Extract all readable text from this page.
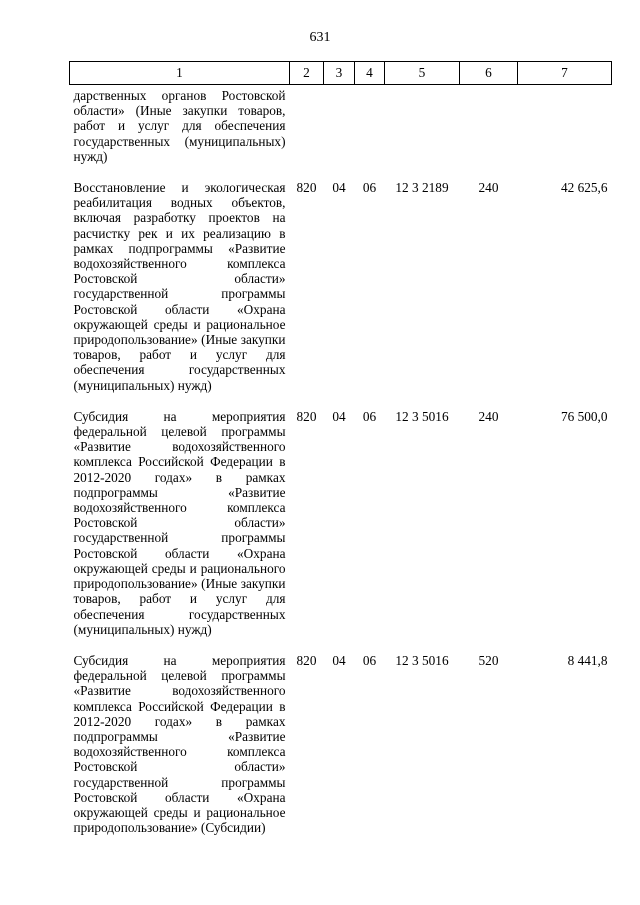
631
1	2	3	4	5	6	7
дарственных органов Ростовской области» (Иные закупки товаров, работ и услуг для обеспечения государственных (муниципальных) нужд)						
Восстановление и экологическая реабилитация водных объектов, включая разработку проектов на расчистку рек и их реализацию в рамках подпрограммы «Развитие водохозяйственного комплекса Ростовской области» государственной программы Ростовской области «Охрана окружающей среды и рациональное природопользование» (Иные закупки товаров, работ и услуг для обеспечения государственных (муниципальных) нужд)	820	04	06	12 3 2189	240	42 625,6
Субсидия на мероприятия федеральной целевой программы «Развитие водохозяйственного комплекса Российской Федерации в 2012-2020 годах» в рамках подпрограммы «Развитие водохозяйственного комплекса Ростовской области» государственной программы Ростовской области «Охрана окружающей среды и рационального природопользование» (Иные закупки товаров, работ и услуг для обеспечения государственных (муниципальных) нужд)	820	04	06	12 3 5016	240	76 500,0
Субсидия на мероприятия федеральной целевой программы «Развитие водохозяйственного комплекса Российской Федерации в 2012-2020 годах» в рамках подпрограммы «Развитие водохозяйственного комплекса Ростовской области» государственной программы Ростовской области «Охрана окружающей среды и рациональное природопользование» (Субсидии)	820	04	06	12 3 5016	520	8 441,8
